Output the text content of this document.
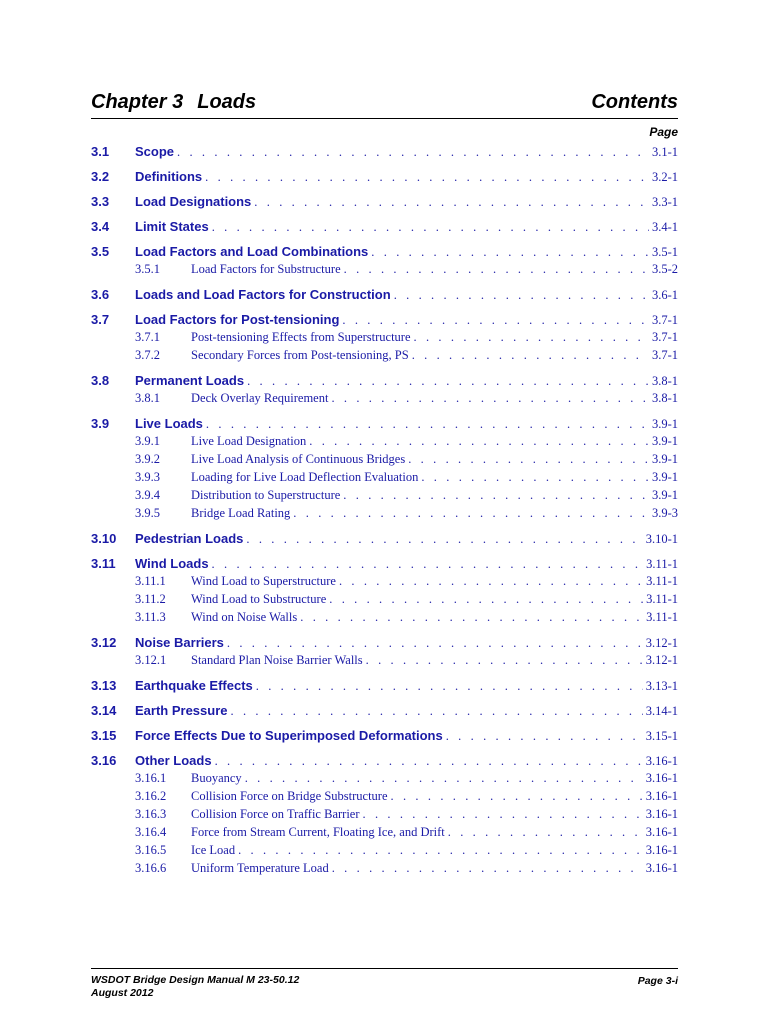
Chapter 3 Loads	Contents
Page
3.1	Scope . . .	3.1-1
3.2	Definitions . . .	3.2-1
3.3	Load Designations . . .	3.3-1
3.4	Limit States . . .	3.4-1
3.5	Load Factors and Load Combinations . . .	3.5-1
3.5.1	Load Factors for Substructure . . .	3.5-2
3.6	Loads and Load Factors for Construction . . .	3.6-1
3.7	Load Factors for Post-tensioning . . .	3.7-1
3.7.1	Post-tensioning Effects from Superstructure . . .	3.7-1
3.7.2	Secondary Forces from Post-tensioning, PS . . .	3.7-1
3.8	Permanent Loads . . .	3.8-1
3.8.1	Deck Overlay Requirement . . .	3.8-1
3.9	Live Loads . . .	3.9-1
3.9.1	Live Load Designation . . .	3.9-1
3.9.2	Live Load Analysis of Continuous Bridges . . .	3.9-1
3.9.3	Loading for Live Load Deflection Evaluation . . .	3.9-1
3.9.4	Distribution to Superstructure . . .	3.9-1
3.9.5	Bridge Load Rating . . .	3.9-3
3.10	Pedestrian Loads . . .	3.10-1
3.11	Wind Loads . . .	3.11-1
3.11.1	Wind Load to Superstructure . . .	3.11-1
3.11.2	Wind Load to Substructure . . .	3.11-1
3.11.3	Wind on Noise Walls . . .	3.11-1
3.12	Noise Barriers . . .	3.12-1
3.12.1	Standard Plan Noise Barrier Walls . . .	3.12-1
3.13	Earthquake Effects . . .	3.13-1
3.14	Earth Pressure . . .	3.14-1
3.15	Force Effects Due to Superimposed Deformations . . .	3.15-1
3.16	Other Loads . . .	3.16-1
3.16.1	Buoyancy . . .	3.16-1
3.16.2	Collision Force on Bridge Substructure . . .	3.16-1
3.16.3	Collision Force on Traffic Barrier . . .	3.16-1
3.16.4	Force from Stream Current, Floating Ice, and Drift . . .	3.16-1
3.16.5	Ice Load . . .	3.16-1
3.16.6	Uniform Temperature Load . . .	3.16-1
WSDOT Bridge Design Manual M 23-50.12
August 2012
Page 3-i
